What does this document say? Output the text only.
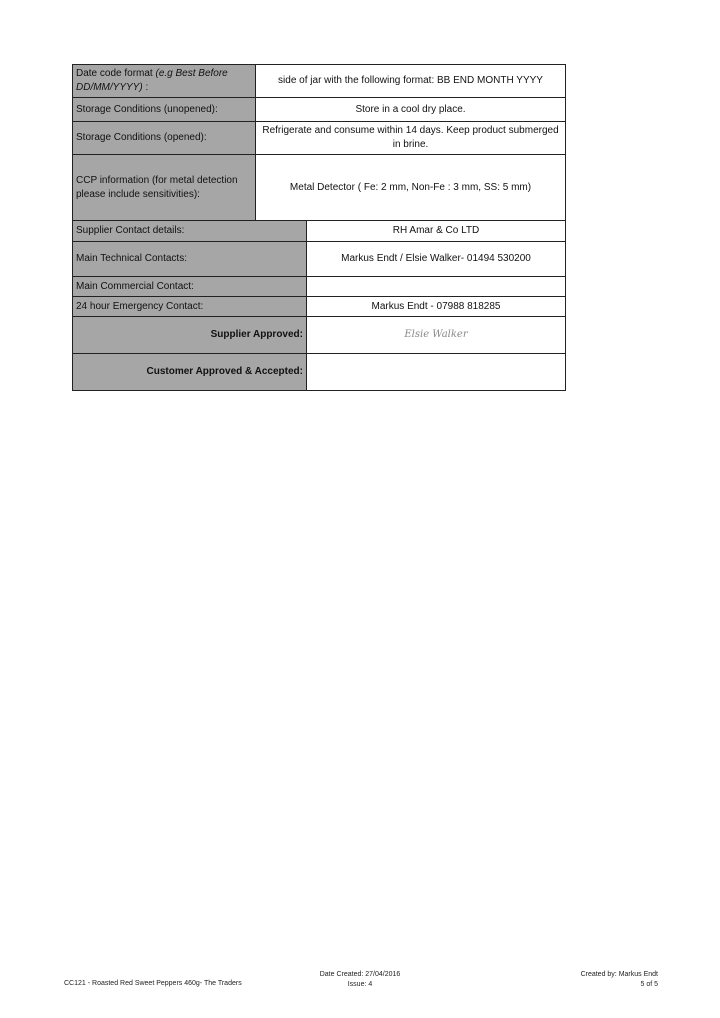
Date code format (e.g Best Before DD/MM/YYYY) :	side of jar with the following format: BB END MONTH YYYY	
Storage Conditions (unopened):	Store in a cool dry place.	
Storage Conditions (opened):	Refrigerate and consume within 14 days. Keep product submerged in brine.	
CCP information (for metal detection please include sensitivities):	Metal Detector ( Fe: 2 mm, Non-Fe : 3 mm, SS: 5 mm)	
Supplier Contact details:		RH Amar & Co LTD
Main Technical Contacts:		Markus Endt / Elsie Walker- 01494 530200
Main Commercial Contact:		
24 hour Emergency Contact:		Markus Endt - 07988 818285
Supplier Approved:		Elsie Walker
Customer Approved & Accepted:		
CC121 - Roasted Red Sweet Peppers 460g- The Traders
Date Created: 27/04/2016
Issue: 4
Created by: Markus Endt
5 of 5
